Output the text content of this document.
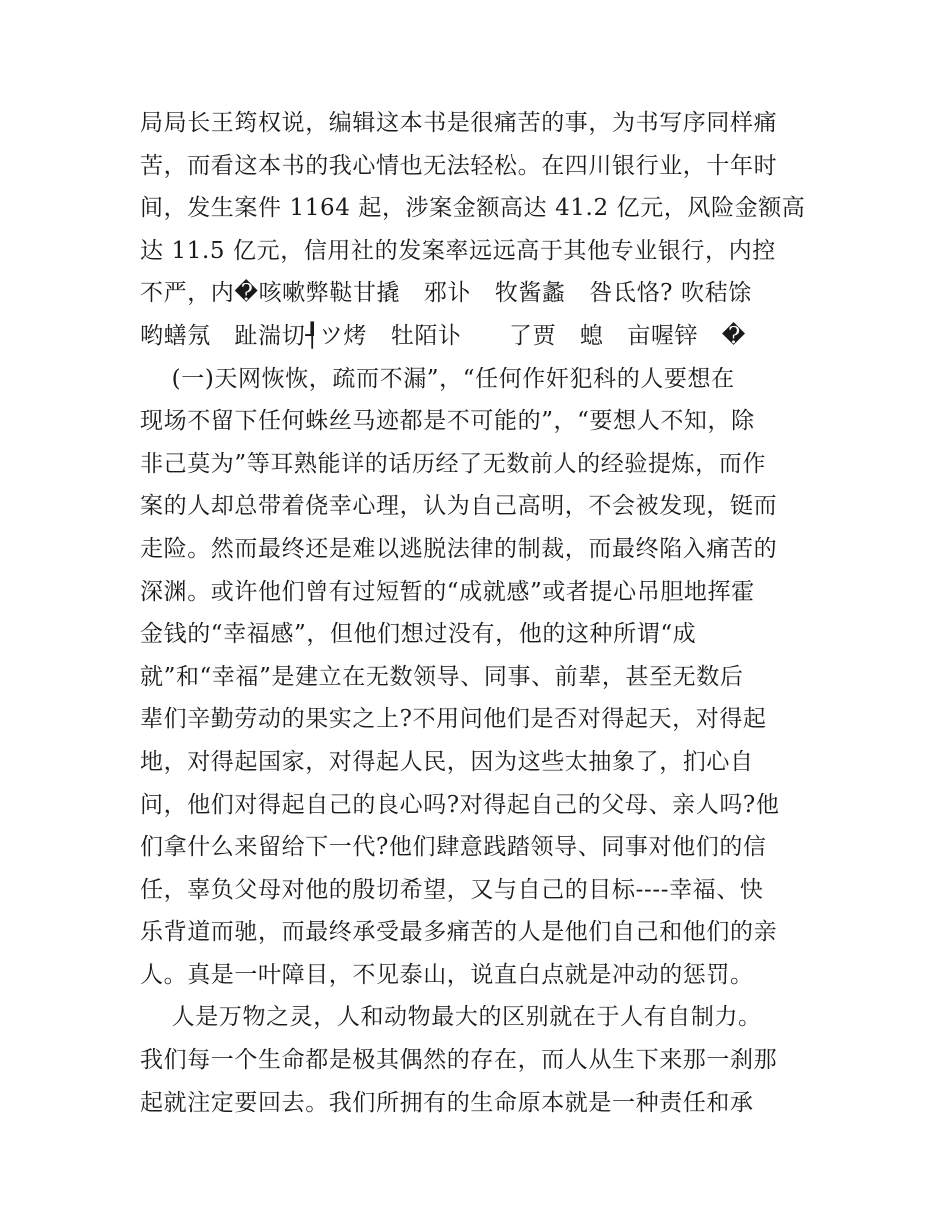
局局长王筠权说，编辑这本书是很痛苦的事，为书写序同样痛
苦，而看这本书的我心情也无法轻松。在四川银行业，十年时
间，发生案件 1164 起，涉案金额高达 41.2 亿元，风险金额高
达 11.5 亿元，信用社的发案率远远高于其他专业银行，内控
不严，内�咳嗽弊鞑甘撬   邪讣   牧酱蠡   咎氐恪? 吹秸馀
哟蟮氖   趾湍切┦ツ烤   牡陌讣      了贾   螅   亩喔锌   �
(一)天网恢恢，疏而不漏”，“任何作奸犯科的人要想在
现场不留下任何蛛丝马迹都是不可能的”，“要想人不知，除
非己莫为”等耳熟能详的话历经了无数前人的经验提炼，而作
案的人却总带着侥幸心理，认为自己高明，不会被发现，铤而
走险。然而最终还是难以逃脱法律的制裁，而最终陷入痛苦的
深渊。或许他们曾有过短暂的“成就感”或者提心吊胆地挥霍
金钱的“幸福感”，但他们想过没有，他的这种所谓“成
就”和“幸福”是建立在无数领导、同事、前辈，甚至无数后
辈们辛勤劳动的果实之上?不用问他们是否对得起天，对得起
地，对得起国家，对得起人民，因为这些太抽象了，扪心自
问，他们对得起自己的良心吗?对得起自己的父母、亲人吗?他
们拿什么来留给下一代?他们肆意践踏领导、同事对他们的信
任，辜负父母对他的殷切希望，又与自己的目标----幸福、快
乐背道而驰，而最终承受最多痛苦的人是他们自己和他们的亲
人。真是一叶障目，不见泰山，说直白点就是冲动的惩罚。
人是万物之灵，人和动物最大的区别就在于人有自制力。
我们每一个生命都是极其偶然的存在，而人从生下来那一刹那
起就注定要回去。我们所拥有的生命原本就是一种责任和承
